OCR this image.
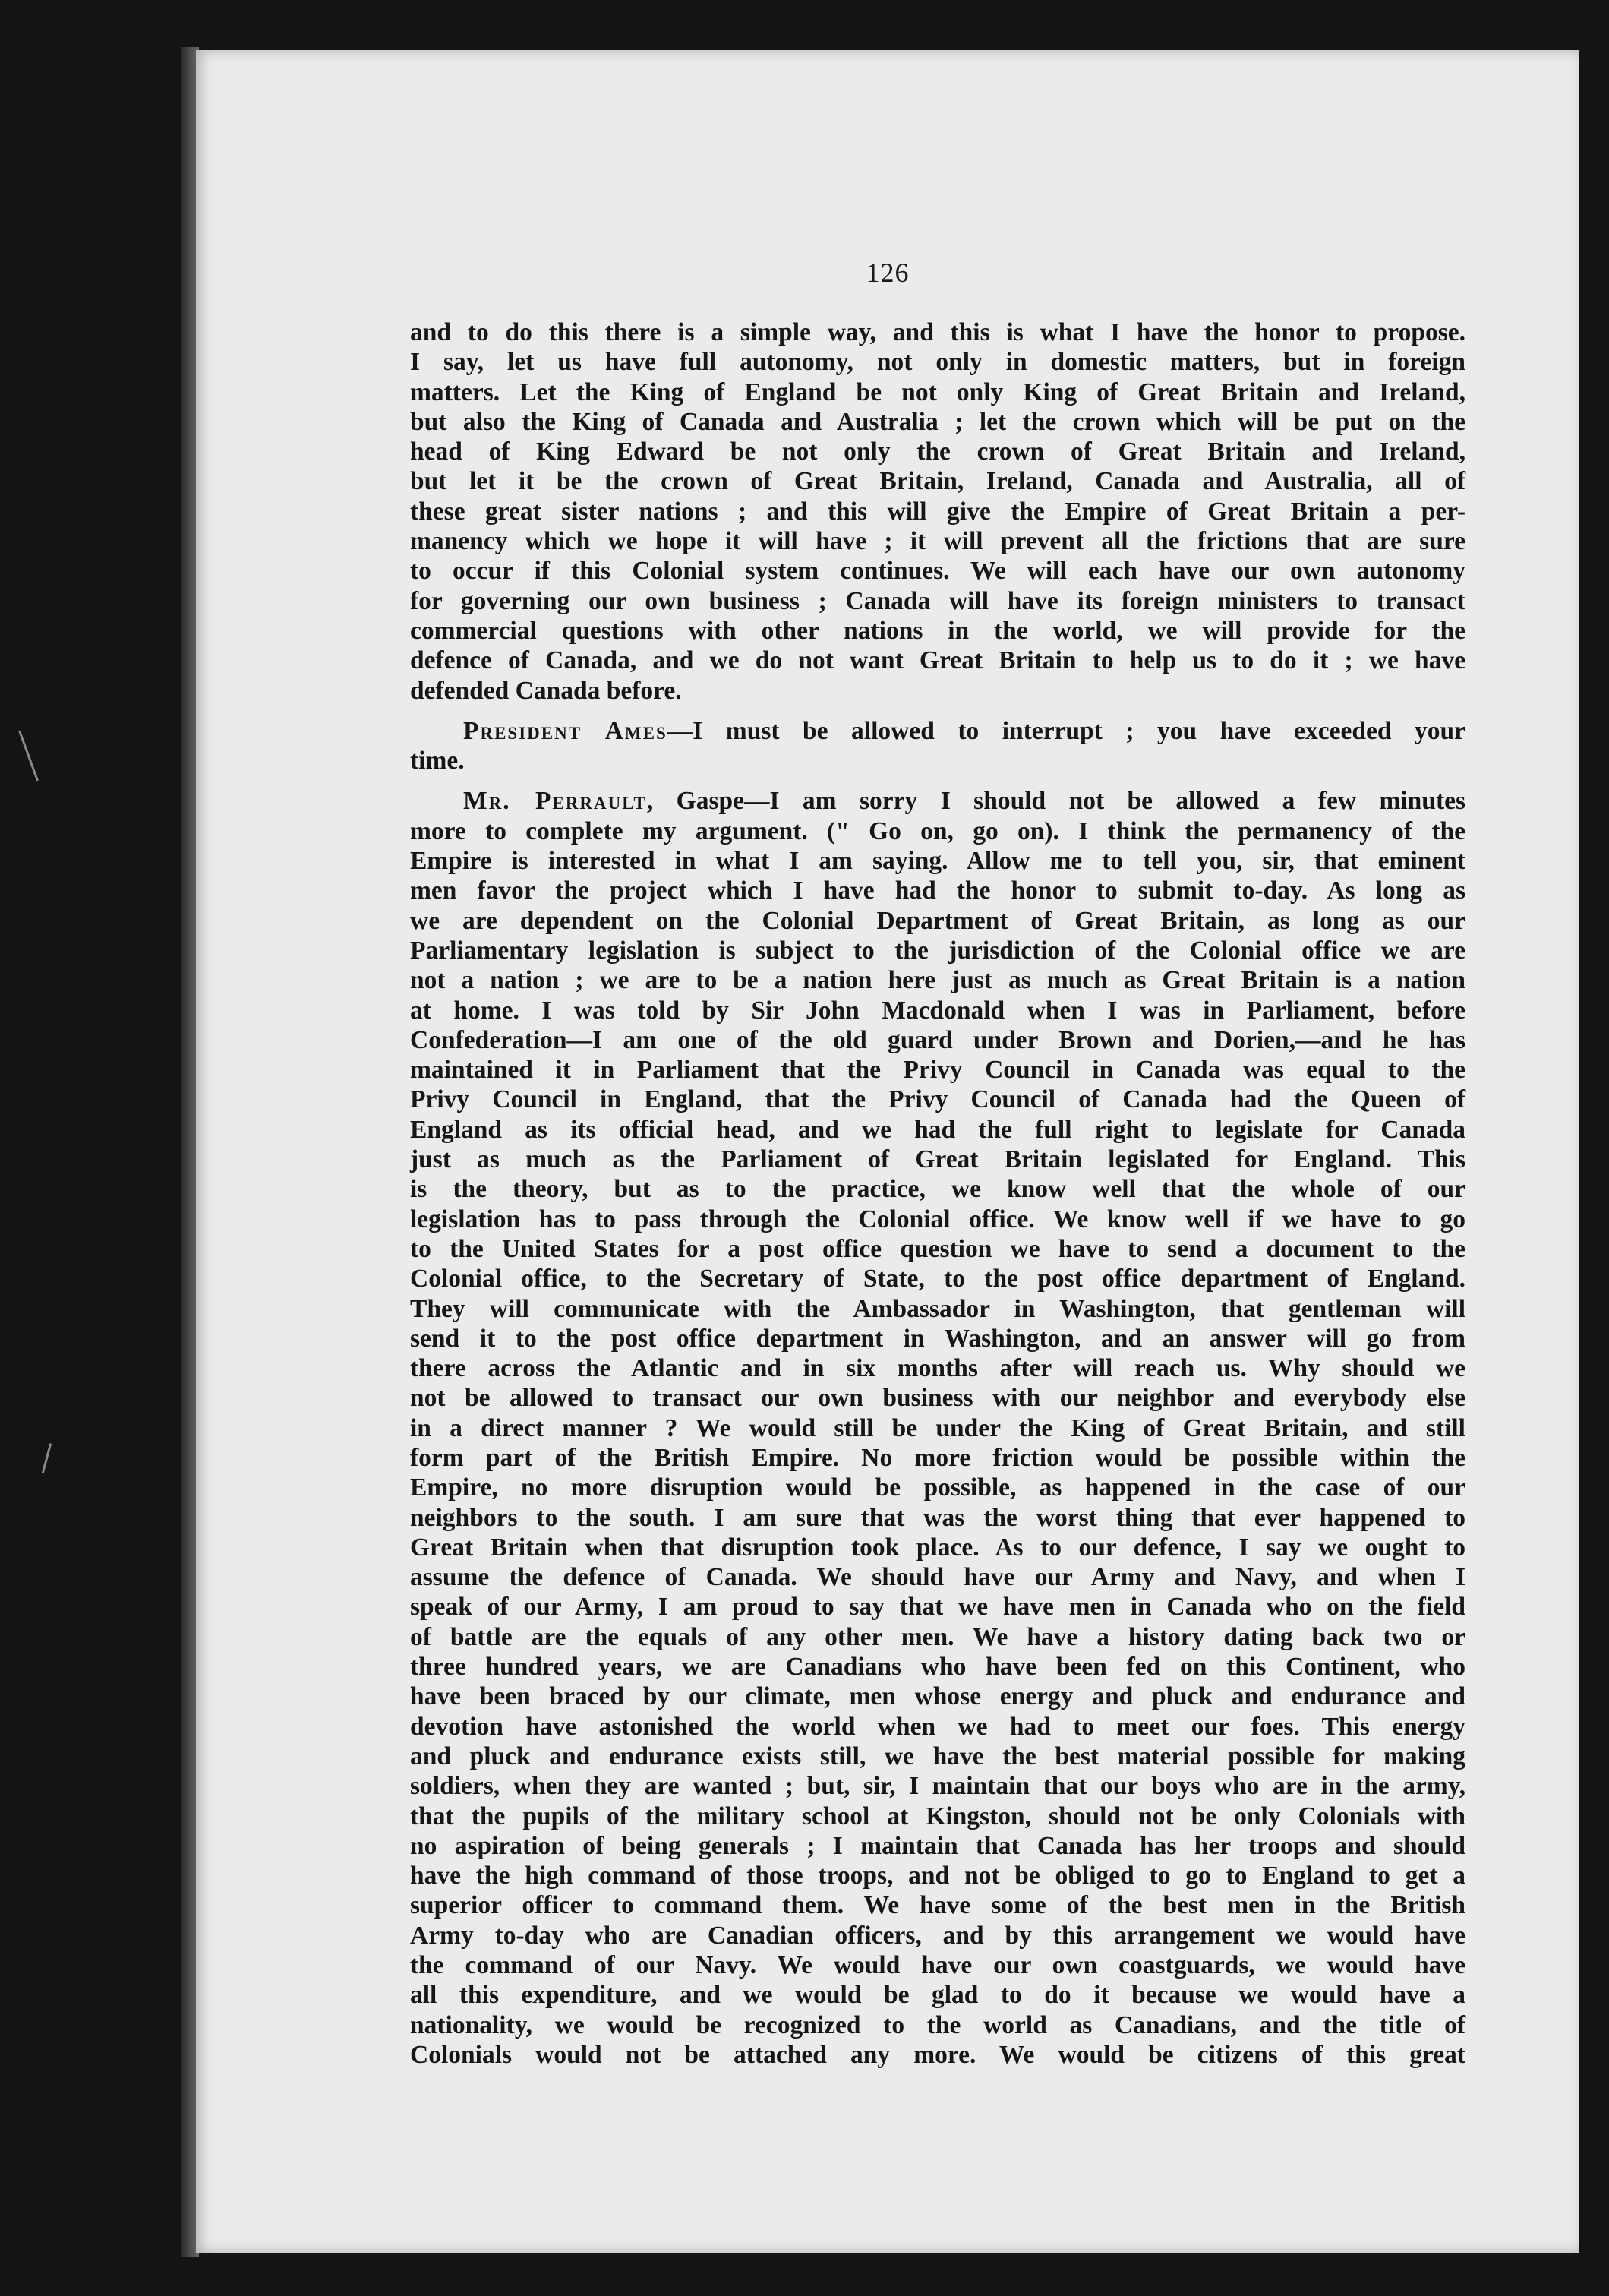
126
and to do this there is a simple way, and this is what I have the honor to propose.
I say, let us have full autonomy, not only in domestic matters, but in foreign
matters. Let the King of England be not only King of Great Britain and Ireland,
but also the King of Canada and Australia ; let the crown which will be put on the
head of King Edward be not only the crown of Great Britain and Ireland,
but let it be the crown of Great Britain, Ireland, Canada and Australia, all of
these great sister nations ; and this will give the Empire of Great Britain a per-
manency which we hope it will have ; it will prevent all the frictions that are sure
to occur if this Colonial system continues. We will each have our own autonomy
for governing our own business ; Canada will have its foreign ministers to transact
commercial questions with other nations in the world, we will provide for the
defence of Canada, and we do not want Great Britain to help us to do it ; we have
defended Canada before.
President Ames—I must be allowed to interrupt ; you have exceeded your
time.
Mr. Perrault, Gaspe—I am sorry I should not be allowed a few minutes
more to complete my argument. (" Go on, go on). I think the permanency of the
Empire is interested in what I am saying. Allow me to tell you, sir, that eminent
men favor the project which I have had the honor to submit to-day. As long as
we are dependent on the Colonial Department of Great Britain, as long as our
Parliamentary legislation is subject to the jurisdiction of the Colonial office we are
not a nation ; we are to be a nation here just as much as Great Britain is a nation
at home. I was told by Sir John Macdonald when I was in Parliament, before
Confederation—I am one of the old guard under Brown and Dorien,—and he has
maintained it in Parliament that the Privy Council in Canada was equal to the
Privy Council in England, that the Privy Council of Canada had the Queen of
England as its official head, and we had the full right to legislate for Canada
just as much as the Parliament of Great Britain legislated for England. This
is the theory, but as to the practice, we know well that the whole of our
legislation has to pass through the Colonial office. We know well if we have to go
to the United States for a post office question we have to send a document to the
Colonial office, to the Secretary of State, to the post office department of England.
They will communicate with the Ambassador in Washington, that gentleman will
send it to the post office department in Washington, and an answer will go from
there across the Atlantic and in six months after will reach us. Why should we
not be allowed to transact our own business with our neighbor and everybody else
in a direct manner ? We would still be under the King of Great Britain, and still
form part of the British Empire. No more friction would be possible within the
Empire, no more disruption would be possible, as happened in the case of our
neighbors to the south. I am sure that was the worst thing that ever happened to
Great Britain when that disruption took place. As to our defence, I say we ought to
assume the defence of Canada. We should have our Army and Navy, and when I
speak of our Army, I am proud to say that we have men in Canada who on the field
of battle are the equals of any other men. We have a history dating back two or
three hundred years, we are Canadians who have been fed on this Continent, who
have been braced by our climate, men whose energy and pluck and endurance and
devotion have astonished the world when we had to meet our foes. This energy
and pluck and endurance exists still, we have the best material possible for making
soldiers, when they are wanted ; but, sir, I maintain that our boys who are in the army,
that the pupils of the military school at Kingston, should not be only Colonials with
no aspiration of being generals ; I maintain that Canada has her troops and should
have the high command of those troops, and not be obliged to go to England to get a
superior officer to command them. We have some of the best men in the British
Army to-day who are Canadian officers, and by this arrangement we would have
the command of our Navy. We would have our own coastguards, we would have
all this expenditure, and we would be glad to do it because we would have a
nationality, we would be recognized to the world as Canadians, and the title of
Colonials would not be attached any more. We would be citizens of this great
